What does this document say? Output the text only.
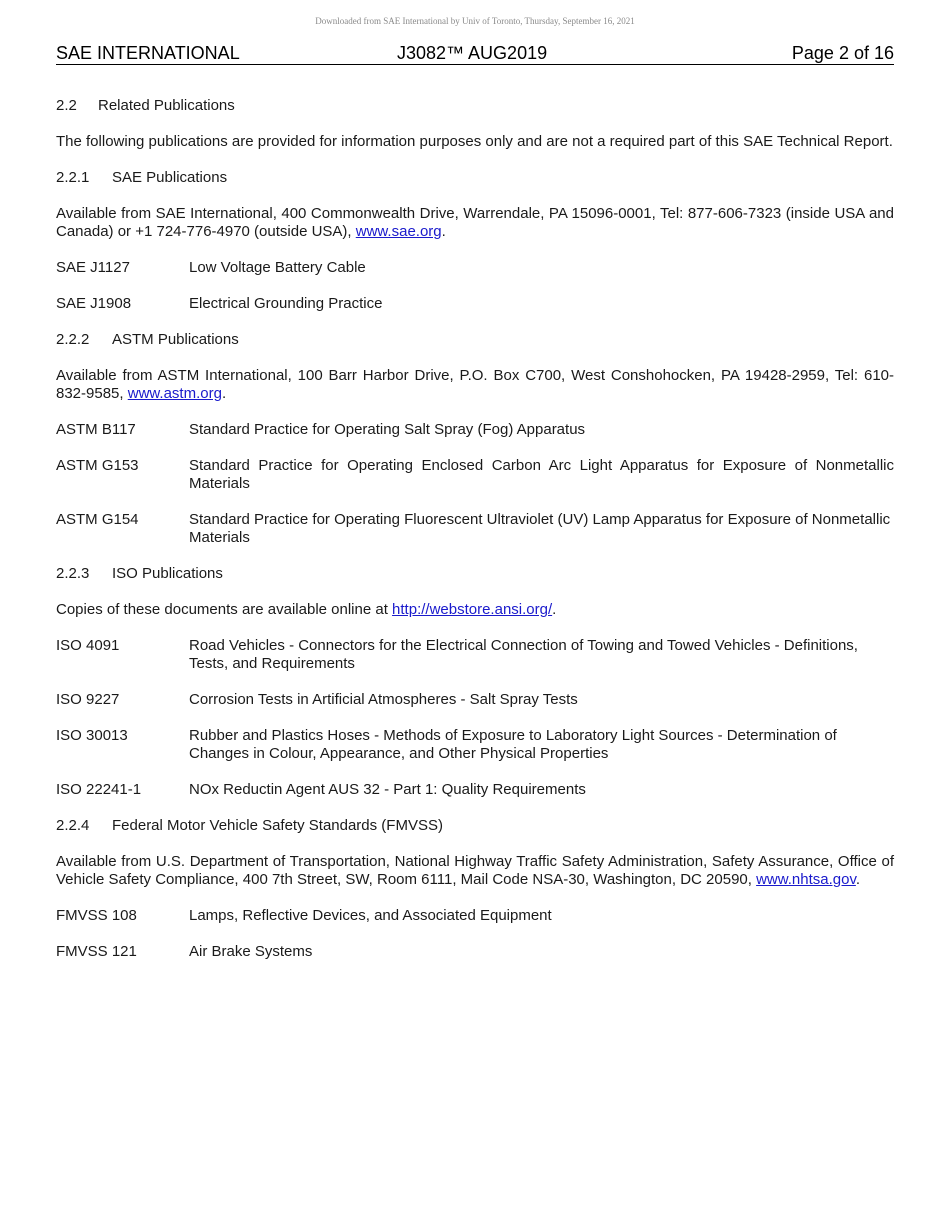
Downloaded from SAE International by Univ of Toronto, Thursday, September 16, 2021
SAE INTERNATIONAL	J3082™ AUG2019	Page 2 of 16
2.2 Related Publications

The following publications are provided for information purposes only and are not a required part of this SAE Technical Report.

2.2.1 SAE Publications

Available from SAE International, 400 Commonwealth Drive, Warrendale, PA 15096-0001, Tel: 877-606-7323 (inside USA and Canada) or +1 724-776-4970 (outside USA), www.sae.org.

SAE J1127	Low Voltage Battery Cable
SAE J1908	Electrical Grounding Practice
2.2.2 ASTM Publications

Available from ASTM International, 100 Barr Harbor Drive, P.O. Box C700, West Conshohocken, PA 19428-2959, Tel: 610-832-9585, www.astm.org.

ASTM B117	Standard Practice for Operating Salt Spray (Fog) Apparatus
ASTM G153	Standard Practice for Operating Enclosed Carbon Arc Light Apparatus for Exposure of Nonmetallic Materials
ASTM G154	Standard Practice for Operating Fluorescent Ultraviolet (UV) Lamp Apparatus for Exposure of Nonmetallic Materials
2.2.3 ISO Publications

Copies of these documents are available online at http://webstore.ansi.org/.

ISO 4091	Road Vehicles - Connectors for the Electrical Connection of Towing and Towed Vehicles - Definitions, Tests, and Requirements
ISO 9227	Corrosion Tests in Artificial Atmospheres - Salt Spray Tests
ISO 30013	Rubber and Plastics Hoses - Methods of Exposure to Laboratory Light Sources - Determination of Changes in Colour, Appearance, and Other Physical Properties
ISO 22241-1	NOx Reductin Agent AUS 32 - Part 1: Quality Requirements
2.2.4 Federal Motor Vehicle Safety Standards (FMVSS)

Available from U.S. Department of Transportation, National Highway Traffic Safety Administration, Safety Assurance, Office of Vehicle Safety Compliance, 400 7th Street, SW, Room 6111, Mail Code NSA-30, Washington, DC 20590, www.nhtsa.gov.

FMVSS 108	Lamps, Reflective Devices, and Associated Equipment
FMVSS 121	Air Brake Systems
